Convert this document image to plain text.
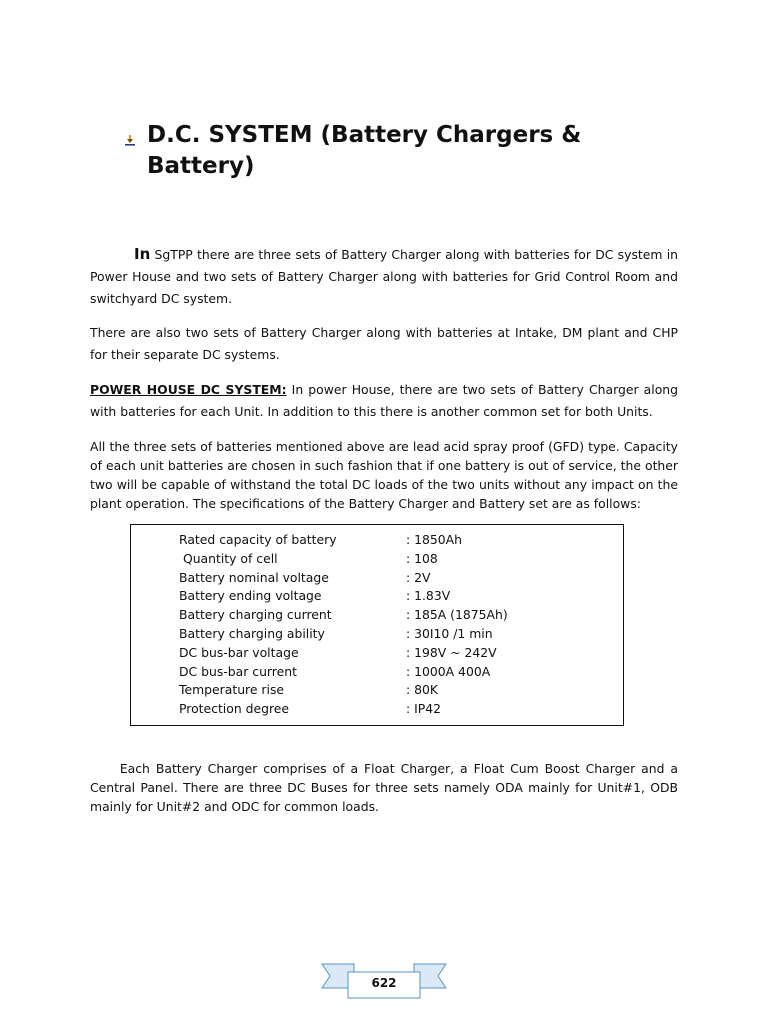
D.C. SYSTEM (Battery Chargers &
Battery)

In SgTPP there are three sets of Battery Charger along with batteries for DC system in Power House and two sets of Battery Charger along with batteries for Grid Control Room and switchyard DC system.

There are also two sets of Battery Charger along with batteries at Intake, DM plant and CHP for their separate DC systems.

POWER HOUSE DC SYSTEM: In power House, there are two sets of Battery Charger along with batteries for each Unit. In addition to this there is another common set for both Units.

All the three sets of batteries mentioned above are lead acid spray proof (GFD) type. Capacity of each unit batteries are chosen in such fashion that if one battery is out of service, the other two will be capable of withstand the total DC loads of the two units without any impact on the plant operation. The specifications of the Battery Charger and Battery set are as follows:

Rated capacity of battery	: 1850Ah
Quantity of cell	: 108
Battery nominal voltage	: 2V
Battery ending voltage	: 1.83V
Battery charging current	: 185A (1875Ah)
Battery charging ability	: 30I10 /1 min
DC bus-bar voltage	: 198V ~ 242V
DC bus-bar current	: 1000A 400A
Temperature rise	: 80K
Protection degree	: IP42

Each Battery Charger comprises of a Float Charger, a Float Cum Boost Charger and a Central Panel. There are three DC Buses for three sets namely ODA mainly for Unit#1, ODB mainly for Unit#2 and ODC for common loads.

622
